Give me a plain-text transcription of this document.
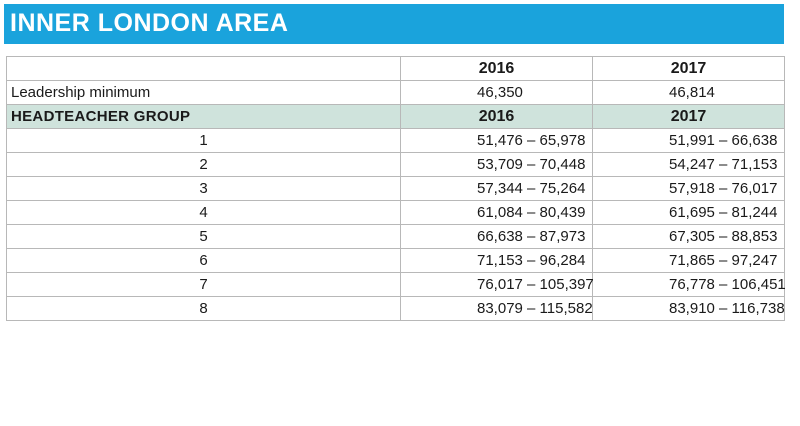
INNER LONDON AREA
	2016	2017
Leadership minimum	46,350	46,814
HEADTEACHER GROUP	2016	2017
1	51,476 – 65,978	51,991 – 66,638
2	53,709 – 70,448	54,247 – 71,153
3	57,344 – 75,264	57,918 – 76,017
4	61,084 – 80,439	61,695 – 81,244
5	66,638 – 87,973	67,305 – 88,853
6	71,153 – 96,284	71,865 – 97,247
7	76,017 – 105,397	76,778 – 106,451
8	83,079 – 115,582	83,910 – 116,738
